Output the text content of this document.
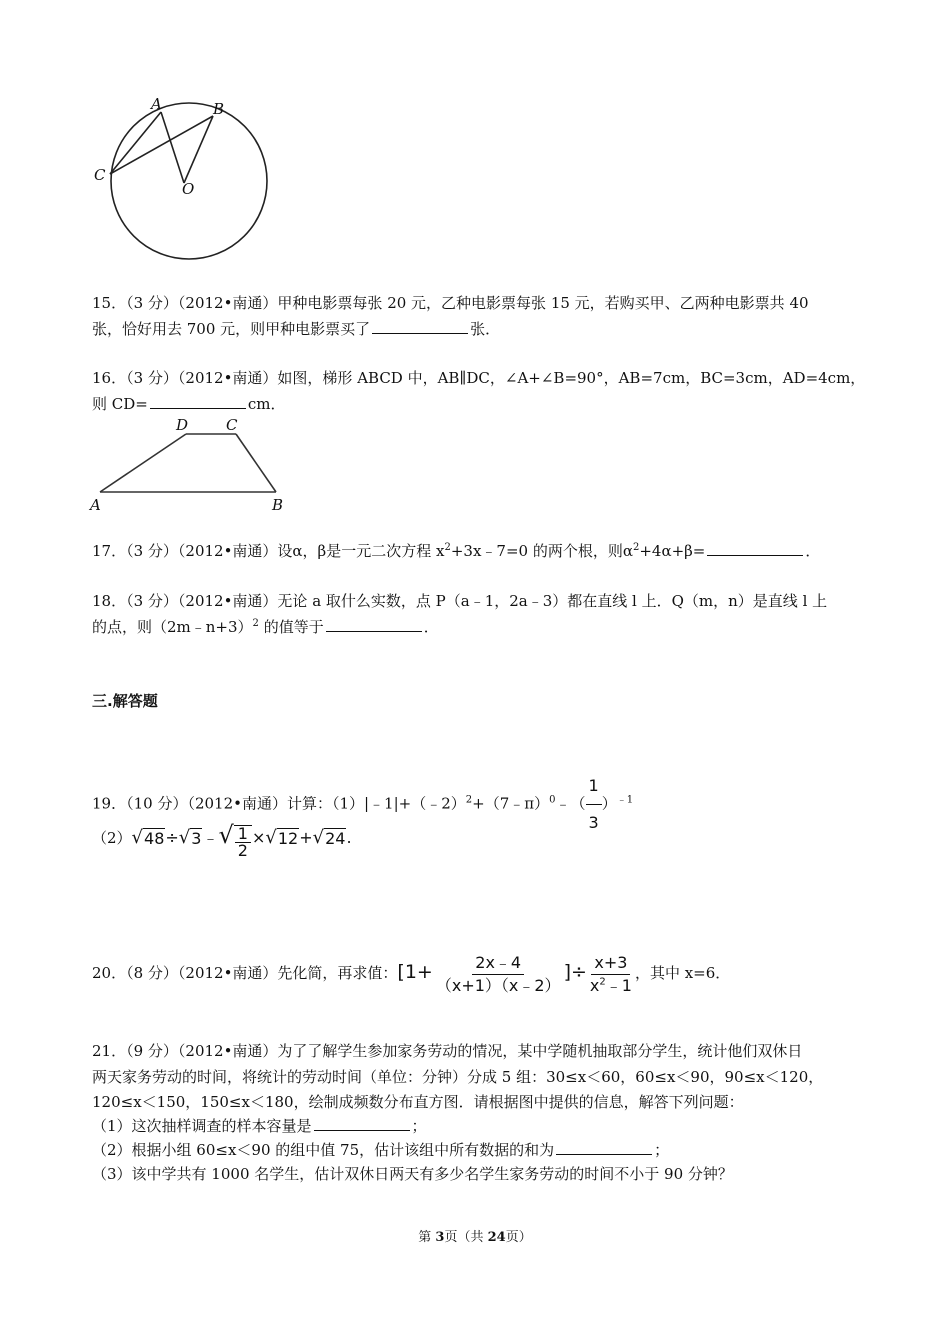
A	B
C
O
15．（3 分）（2012•南通）甲种电影票每张 20 元，乙种电影票每张 15 元，若购买甲、乙两种电影票共 40
张，恰好用去 700 元，则甲种电影票买了	张．
16．（3 分）（2012•南通）如图，梯形 ABCD 中，AB∥DC，∠A+∠B=90°，AB=7cm，BC=3cm，AD=4cm，
则 CD=	cm．
D	C
A	B
17．（3 分）（2012•南通）设α，β是一元二次方程 $x^2+3x﹣7=0$ 的两个根，则$\alpha^2+4\alpha+\beta=$	．
18．（3 分）（2012•南通）无论 a 取什么实数，点 P（a﹣1，2a﹣3）都在直线 l 上．Q（m，n）是直线 l 上
的点，则（2m﹣n+3）$^2$ 的值等于	．
三.解答题
19．（10 分）（2012•南通）计算：（1）|﹣1|+（﹣2）$^2$+（7﹣π）$^0$﹣（ $\frac{1}{3} )^{﹣1}$
（2） √ 48 ÷ √ 3 ﹣ √ $\frac{1}{2}$ × √ 12 + √ 24 .
20．（8 分）（2012•南通）先化简，再求值：[$1+ \frac{2x﹣4}{(x+1)(x﹣2)}$ ]÷ $\frac{x+3}{x^2﹣1}$ ，其中 x=6．
21．（9 分）（2012•南通）为了了解学生参加家务劳动的情况，某中学随机抽取部分学生，统计他们双休日
两天家务劳动的时间，将统计的劳动时间（单位：分钟）分成 5 组：30≤x＜60，60≤x＜90，90≤x＜120，
120≤x＜150，150≤x＜180，绘制成频数分布直方图．请根据图中提供的信息，解答下列问题：
（1）这次抽样调查的样本容量是	；
（2）根据小组 60≤x＜90 的组中值 75，估计该组中所有数据的和为	；
（3）该中学共有 1000 名学生，估计双休日两天有多少名学生家务劳动的时间不小于 90 分钟？
第 3页（共 24页）
